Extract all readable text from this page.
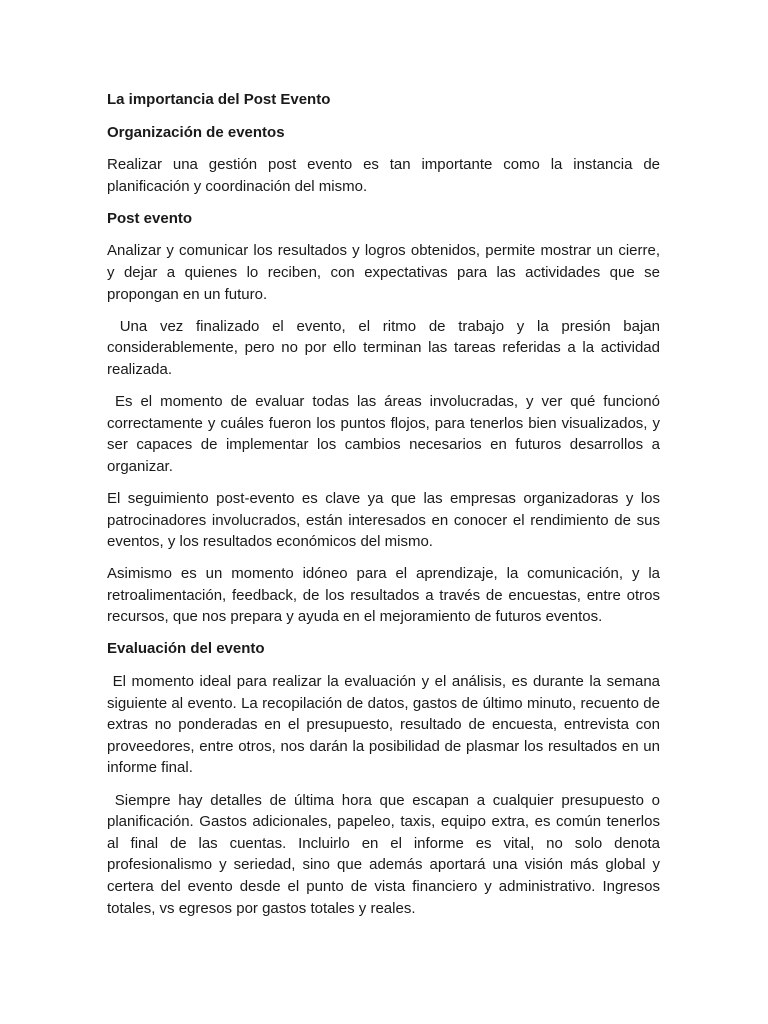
La importancia del Post Evento
Organización de eventos

Realizar una gestión post evento es tan importante como la instancia de planificación y coordinación del mismo.

Post evento

Analizar y comunicar los resultados y logros obtenidos, permite mostrar un cierre, y dejar a quienes lo reciben, con expectativas para las actividades que se propongan en un futuro.

Una vez finalizado el evento, el ritmo de trabajo y la presión bajan considerablemente, pero no por ello terminan las tareas referidas a la actividad realizada.

Es el momento de evaluar todas las áreas involucradas, y ver qué funcionó correctamente y cuáles fueron los puntos flojos, para tenerlos bien visualizados, y ser capaces de implementar los cambios necesarios en futuros desarrollos a organizar.

El seguimiento post-evento es clave ya que las empresas organizadoras y los patrocinadores involucrados, están interesados en conocer el rendimiento de sus eventos, y los resultados económicos del mismo.

Asimismo es un momento idóneo para el aprendizaje, la comunicación, y la retroalimentación, feedback, de los resultados a través de encuestas, entre otros recursos, que nos prepara y ayuda en el mejoramiento de futuros eventos.

Evaluación del evento

El momento ideal para realizar la evaluación y el análisis, es durante la semana siguiente al evento. La recopilación de datos, gastos de último minuto, recuento de extras no ponderadas en el presupuesto, resultado de encuesta, entrevista con proveedores, entre otros, nos darán la posibilidad de plasmar los resultados en un informe final.

Siempre hay detalles de última hora que escapan a cualquier presupuesto o planificación. Gastos adicionales, papeleo, taxis, equipo extra, es común tenerlos al final de las cuentas. Incluirlo en el informe es vital, no solo denota profesionalismo y seriedad, sino que además aportará una visión más global y certera del evento desde el punto de vista financiero y administrativo. Ingresos totales, vs egresos por gastos totales y reales.
